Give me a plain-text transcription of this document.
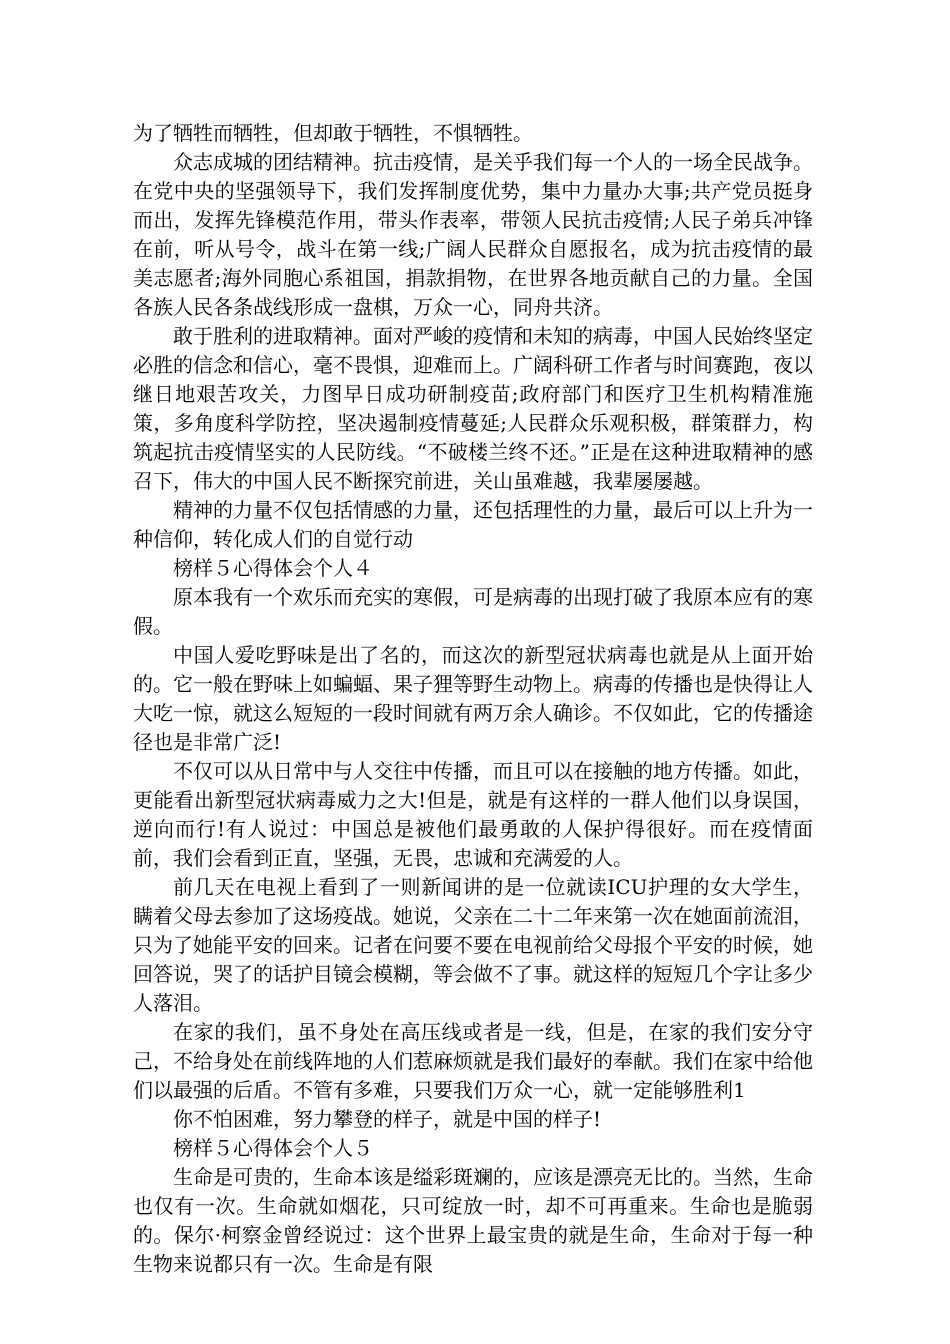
为了牺牲而牺牲，但却敢于牺牲，不惧牺牲。

众志成城的团结精神。抗击疫情，是关乎我们每一个人的一场全民战争。在党中央的坚强领导下，我们发挥制度优势，集中力量办大事;共产党员挺身而出，发挥先锋模范作用，带头作表率，带领人民抗击疫情;人民子弟兵冲锋在前，听从号令，战斗在第一线;广阔人民群众自愿报名，成为抗击疫情的最美志愿者;海外同胞心系祖国，捐款捐物，在世界各地贡献自己的力量。全国各族人民各条战线形成一盘棋，万众一心，同舟共济。

敢于胜利的进取精神。面对严峻的疫情和未知的病毒，中国人民始终坚定必胜的信念和信心，毫不畏惧，迎难而上。广阔科研工作者与时间赛跑，夜以继日地艰苦攻关，力图早日成功研制疫苗;政府部门和医疗卫生机构精准施策，多角度科学防控，坚决遏制疫情蔓延;人民群众乐观积极，群策群力，构筑起抗击疫情坚实的人民防线。“不破楼兰终不还。”正是在这种进取精神的感召下，伟大的中国人民不断探究前进，关山虽难越，我辈屡屡越。

精神的力量不仅包括情感的力量，还包括理性的力量，最后可以上升为一种信仰，转化成人们的自觉行动

榜样５心得体会个人４

原本我有一个欢乐而充实的寒假，可是病毒的出现打破了我原本应有的寒假。

中国人爱吃野味是出了名的，而这次的新型冠状病毒也就是从上面开始的。它一般在野味上如蝙蝠、果子狸等野生动物上。病毒的传播也是快得让人大吃一惊，就这么短短的一段时间就有两万余人确诊。不仅如此，它的传播途径也是非常广泛!

不仅可以从日常中与人交往中传播，而且可以在接触的地方传播。如此，更能看出新型冠状病毒威力之大!但是，就是有这样的一群人他们以身误国，逆向而行!有人说过：中国总是被他们最勇敢的人保护得很好。而在疫情面前，我们会看到正直，坚强，无畏，忠诚和充满爱的人。

前几天在电视上看到了一则新闻讲的是一位就读ICU护理的女大学生，瞒着父母去参加了这场疫战。她说，父亲在二十二年来第一次在她面前流泪，只为了她能平安的回来。记者在问要不要在电视前给父母报个平安的时候，她回答说，哭了的话护目镜会模糊，等会做不了事。就这样的短短几个字让多少人落泪。

在家的我们，虽不身处在高压线或者是一线，但是，在家的我们安分守己，不给身处在前线阵地的人们惹麻烦就是我们最好的奉献。我们在家中给他们以最强的后盾。不管有多难，只要我们万众一心，就一定能够胜利1

你不怕困难，努力攀登的样子，就是中国的样子!

榜样５心得体会个人５

生命是可贵的，生命本该是缢彩斑斓的，应该是漂亮无比的。当然，生命也仅有一次。生命就如烟花，只可绽放一时，却不可再重来。生命也是脆弱的。保尔·柯察金曾经说过：这个世界上最宝贵的就是生命，生命对于每一种生物来说都只有一次。生命是有限
